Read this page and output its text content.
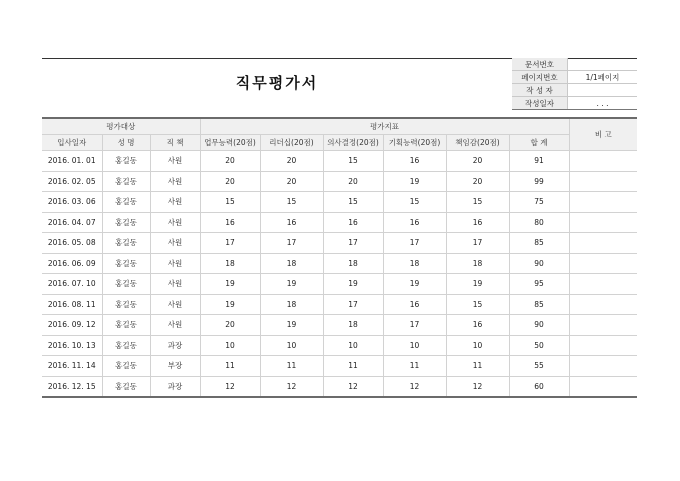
직무평가서
문서번호	
페이지번호	1/1페이지
작 성 자	
작성일자	. . .
평가대상			평가지표						비 고
입사일자	성 명	직 책	업무능력(20점)	리더십(20점)	의사결정(20점)	기획능력(20점)	책임감(20점)	합 계	
2016. 01. 01	홍길동	사원	20	20	15	16	20	91	
2016. 02. 05	홍길동	사원	20	20	20	19	20	99	
2016. 03. 06	홍길동	사원	15	15	15	15	15	75	
2016. 04. 07	홍길동	사원	16	16	16	16	16	80	
2016. 05. 08	홍길동	사원	17	17	17	17	17	85	
2016. 06. 09	홍길동	사원	18	18	18	18	18	90	
2016. 07. 10	홍길동	사원	19	19	19	19	19	95	
2016. 08. 11	홍길동	사원	19	18	17	16	15	85	
2016. 09. 12	홍길동	사원	20	19	18	17	16	90	
2016. 10. 13	홍길동	과장	10	10	10	10	10	50	
2016. 11. 14	홍길동	부장	11	11	11	11	11	55	
2016. 12. 15	홍길동	과장	12	12	12	12	12	60	
